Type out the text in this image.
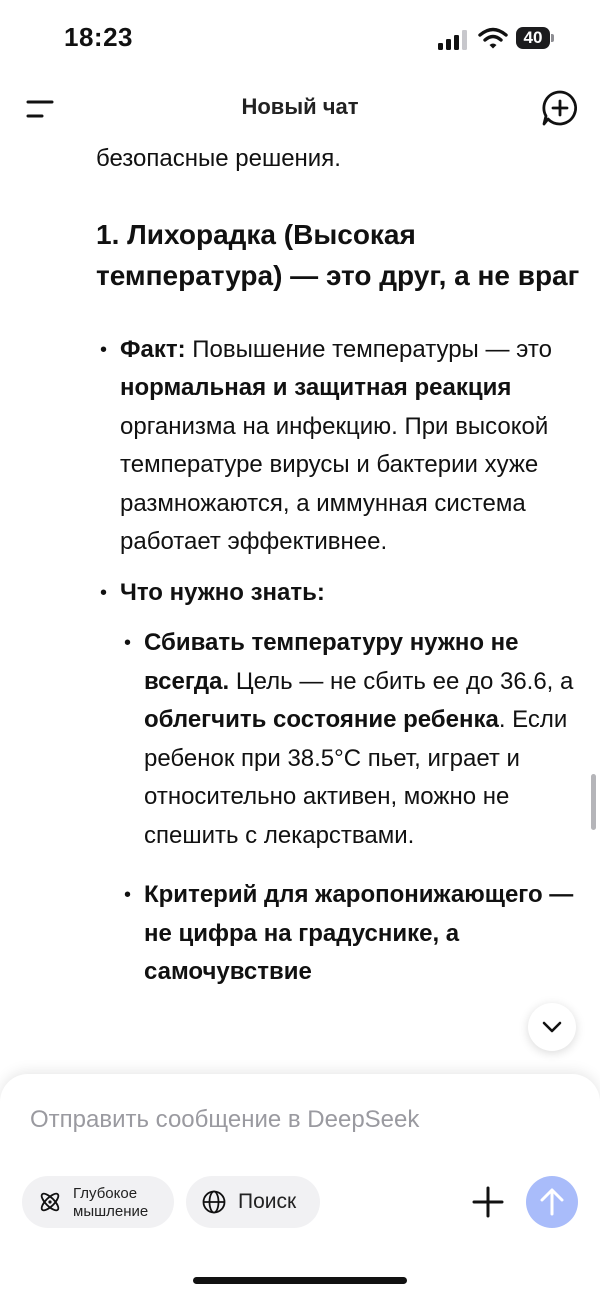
18:23	40
Новый чат

безопасные решения.

1. Лихорадка (Высокая температура) — это друг, а не враг
• Факт: Повышение температуры — это нормальная и защитная реакция организма на инфекцию. При высокой температуре вирусы и бактерии хуже размножаются, а иммунная система работает эффективнее.
• Что нужно знать:
• Сбивать температуру нужно не всегда. Цель — не сбить ее до 36.6, а облегчить состояние ребенка. Если ребенок при 38.5°C пьет, играет и относительно активен, можно не спешить с лекарствами.
• Критерий для жаропонижающего — не цифра на градуснике, а самочувствие
Отправить сообщение в DeepSeek
Глубокое мышление	Поиск
